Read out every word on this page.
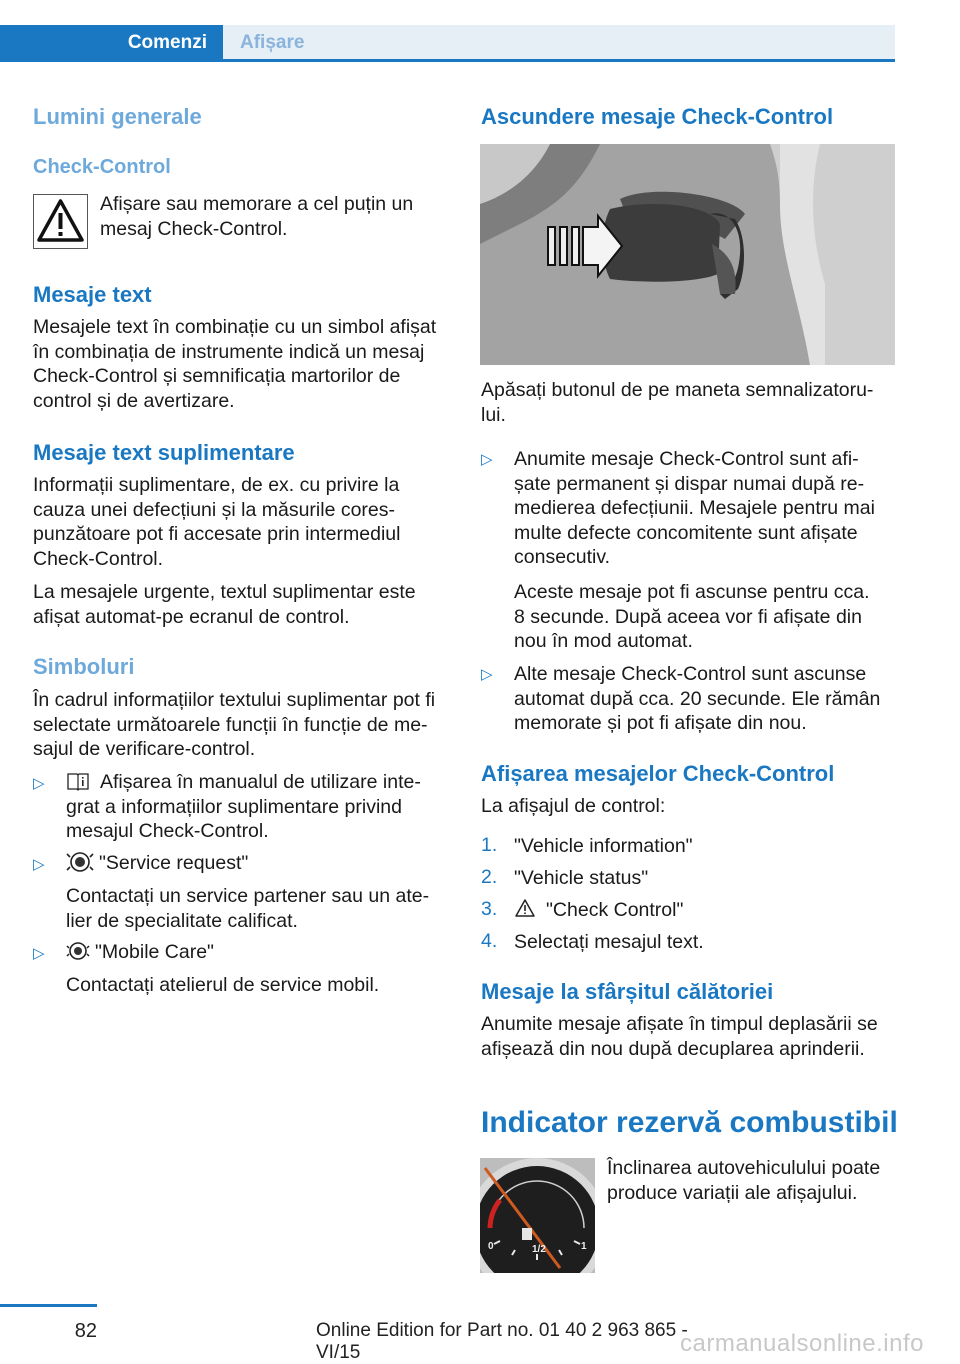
Comenzi	Afișare
Lumini generale
Check-Control
Afișare sau memorare a cel puțin un
mesaj Check-Control.
Mesaje text
Mesajele text în combinație cu un simbol afișat
în combinația de instrumente indică un mesaj
Check-Control și semnificația martorilor de
control și de avertizare.
Mesaje text suplimentare
Informații suplimentare, de ex. cu privire la
cauza unei defecțiuni și la măsurile cores‐
punzătoare pot fi accesate prin intermediul
Check-Control.
La mesajele urgente, textul suplimentar este
afișat automat-pe ecranul de control.
Simboluri
În cadrul informațiilor textului suplimentar pot fi
selectate următoarele funcții în funcție de me‐
sajul de verificare-control.
▷	Afișarea în manualul de utilizare inte‐
grat a informațiilor suplimentare privind
mesajul Check-Control.
▷	"Service request"
Contactați un service partener sau un ate‐
lier de specialitate calificat.
▷	"Mobile Care"
Contactați atelierul de service mobil.
Ascundere mesaje Check-Control
Apăsați butonul de pe maneta semnalizatoru‐
lui.
▷ Anumite mesaje Check-Control sunt afi‐
șate permanent și dispar numai după re‐
medierea defecțiunii. Mesajele pentru mai
multe defecte concomitente sunt afișate
consecutiv.
Aceste mesaje pot fi ascunse pentru cca.
8 secunde. După aceea vor fi afișate din
nou în mod automat.
▷ Alte mesaje Check-Control sunt ascunse
automat după cca. 20 secunde. Ele rămân
memorate și pot fi afișate din nou.
Afișarea mesajelor Check-Control
La afișajul de control:
1. "Vehicle information"
2. "Vehicle status"
3. "Check Control"
4. Selectați mesajul text.
Mesaje la sfârșitul călătoriei
Anumite mesaje afișate în timpul deplasării se
afișează din nou după decuplarea aprinderii.
Indicator rezervă combustibil
0	1/2	1
Înclinarea autovehiculului poate
produce variații ale afișajului.
82	Online Edition for Part no. 01 40 2 963 865 - VI/15	carmanualsonline.info
